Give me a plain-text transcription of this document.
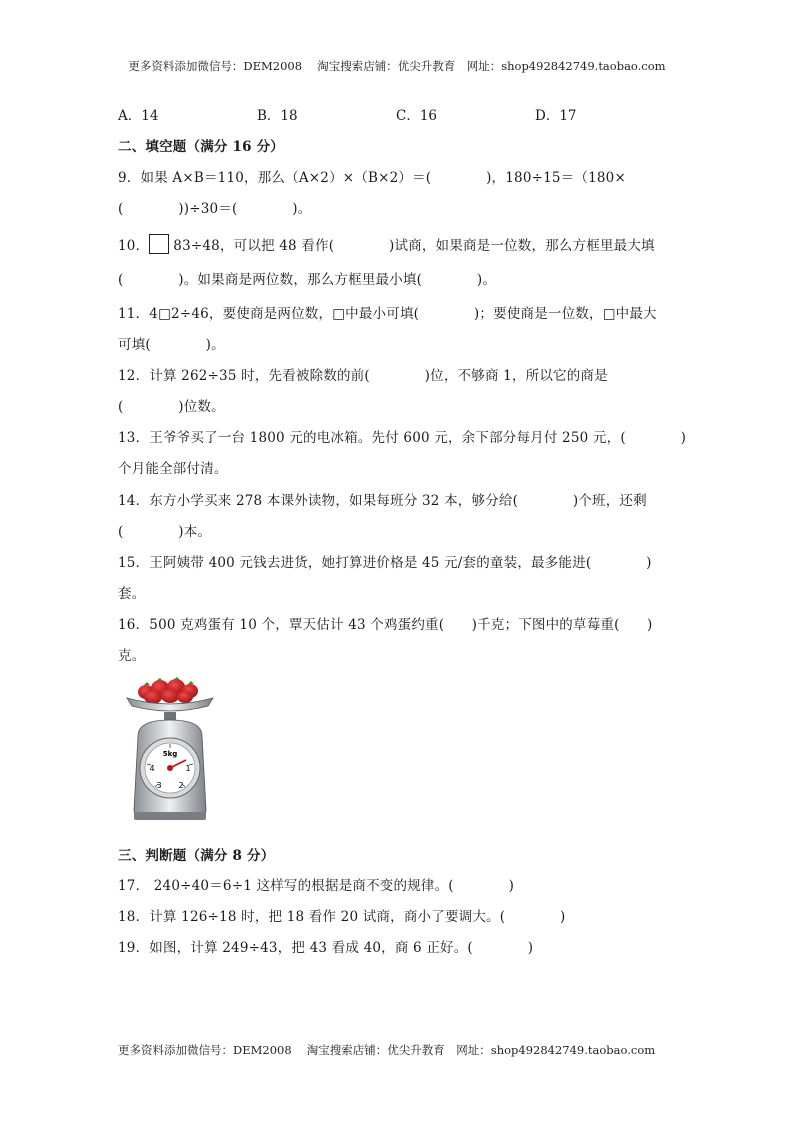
更多资料添加微信号：DEM2008　 淘宝搜索店铺：优尖升教育　网址：shop492842749.taobao.com
A．14	B．18	C．16	D．17
二、填空题（满分 16 分）
9．如果 A×B＝110，那么（A×2）×（B×2）＝(　　　　)，180÷15＝（180×
(　　　　))÷30＝(　　　　)。
10． 83÷48，可以把 48 看作(　　　　)试商，如果商是一位数，那么方框里最大填
(　　　　)。如果商是两位数，那么方框里最小填(　　　　)。
11．4□2÷46，要使商是两位数，□中最小可填(　　　　)；要使商是一位数，□中最大
可填(　　　　)。
12．计算 262÷35 时，先看被除数的前(　　　　)位，不够商 1，所以它的商是
(　　　　)位数。
13．王爷爷买了一台 1800 元的电冰箱。先付 600 元，余下部分每月付 250 元，(　　　　)
个月能全部付清。
14．东方小学买来 278 本课外读物，如果每班分 32 本，够分给(　　　　)个班，还剩
(　　　　)本。
15．王阿姨带 400 元钱去进货，她打算进价格是 45 元/套的童装，最多能进(　　　　)
套。
16．500 克鸡蛋有 10 个，覃天估计 43 个鸡蛋约重(　　)千克；下图中的草莓重(　　)
克。
5kg
1
2
3
4
三、判断题（满分 8 分）
17． 240÷40＝6÷1 这样写的根据是商不变的规律。(　　　　)
18．计算 126÷18 时，把 18 看作 20 试商，商小了要调大。(　　　　)
19．如图，计算 249÷43，把 43 看成 40，商 6 正好。(　　　　)
更多资料添加微信号：DEM2008　 淘宝搜索店铺：优尖升教育　网址：shop492842749.taobao.com
